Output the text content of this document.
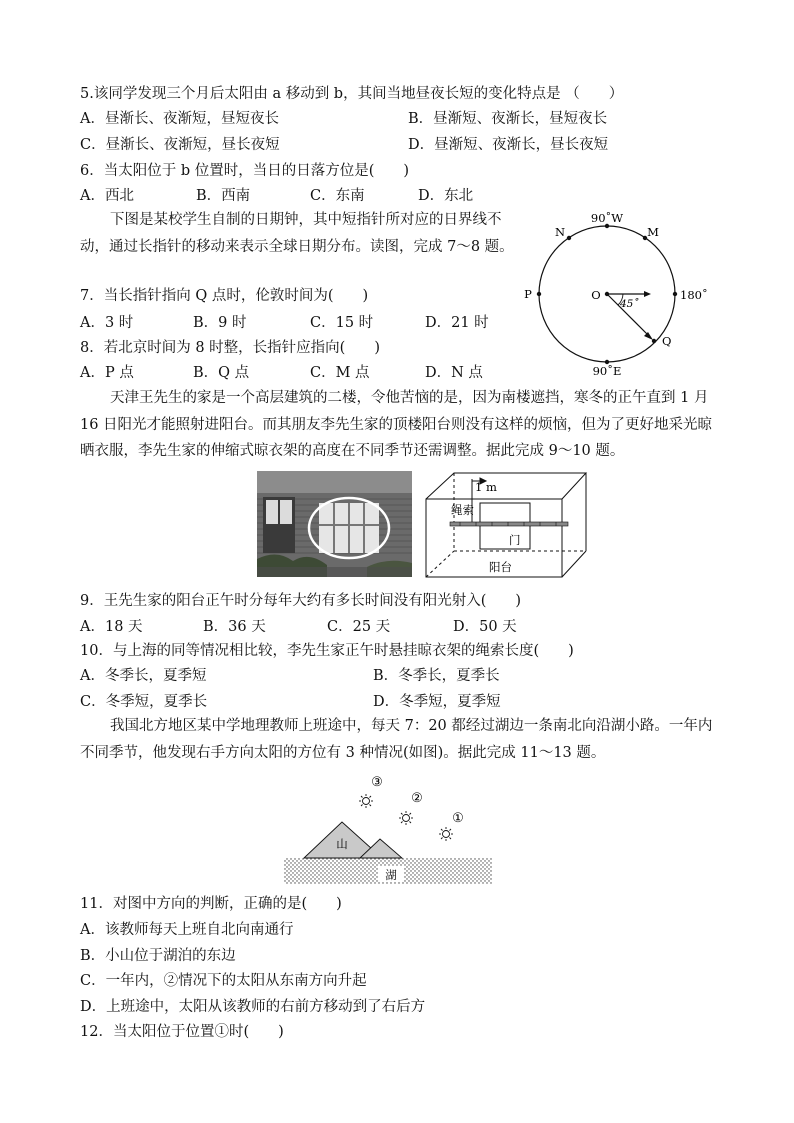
5.该同学发现三个月后太阳由 a 移动到 b，其间当地昼夜长短的变化特点是 （　　）
A．昼渐长、夜渐短，昼短夜长	B．昼渐短、夜渐长，昼短夜长
C．昼渐长、夜渐短，昼长夜短	D．昼渐短、夜渐长，昼长夜短
6．当太阳位于 b 位置时，当日的日落方位是(　　)
A．西北	B．西南	C．东南	D．东北
下图是某校学生自制的日期钟，其中短指针所对应的日界线不动，通过长指针的移动来表示全球日期分布。读图，完成 7～8 题。
90˚W
90˚E
180˚
N	M
P
Q
O
45˚
7．当长指针指向 Q 点时，伦敦时间为(　　)
A．3 时	B．9 时	C．15 时	D．21 时
8．若北京时间为 8 时整，长指针应指向(　　)
A．P 点	B．Q 点	C．M 点	D．N 点
天津王先生的家是一个高层建筑的二楼，令他苦恼的是，因为南楼遮挡，寒冬的正午直到 1 月 16 日阳光才能照射进阳台。而其朋友李先生家的顶楼阳台则没有这样的烦恼，但为了更好地采光晾晒衣服，李先生家的伸缩式晾衣架的高度在不同季节还需调整。据此完成 9～10 题。
1 m
绳索
门
阳台
9．王先生家的阳台正午时分每年大约有多长时间没有阳光射入(　　)
A．18 天	B．36 天	C．25 天	D．50 天
10．与上海的同等情况相比较，李先生家正午时悬挂晾衣架的绳索长度(　　)
A．冬季长，夏季短	B．冬季长，夏季长
C．冬季短，夏季长	D．冬季短，夏季短
我国北方地区某中学地理教师上班途中，每天 7：20 都经过湖边一条南北向沿湖小路。一年内不同季节，他发现右手方向太阳的方位有 3 种情况(如图)。据此完成 11～13 题。
③
②
①
山
湖
11．对图中方向的判断，正确的是(　　)
A．该教师每天上班自北向南通行
B．小山位于湖泊的东边
C．一年内，②情况下的太阳从东南方向升起
D．上班途中，太阳从该教师的右前方移动到了右后方
12．当太阳位于位置①时(　　)
